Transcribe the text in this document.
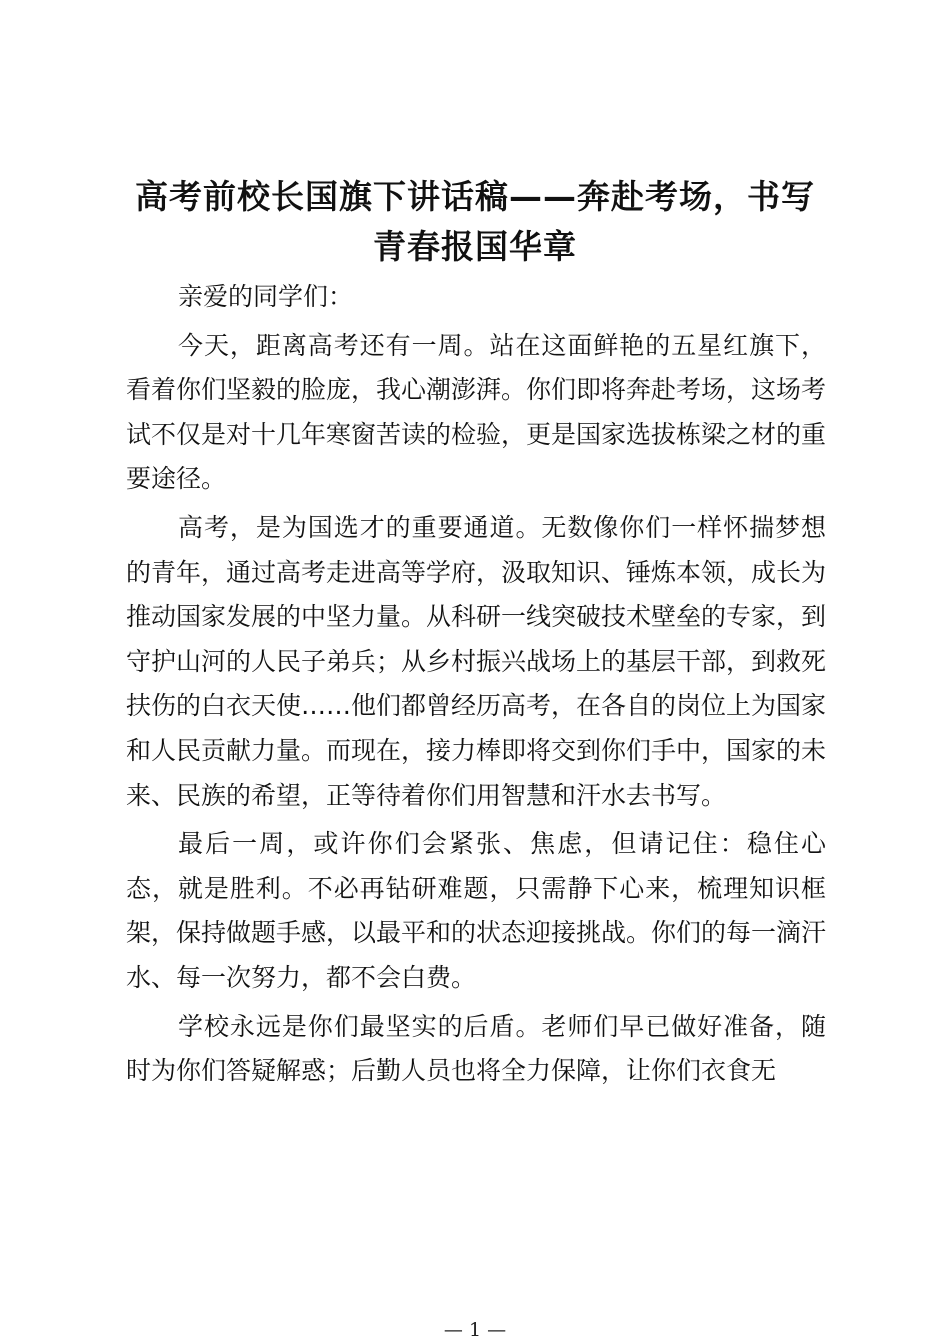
高考前校长国旗下讲话稿——奔赴考场，书写
青春报国华章

亲爱的同学们：

今天，距离高考还有一周。站在这面鲜艳的五星红旗下，看着你们坚毅的脸庞，我心潮澎湃。你们即将奔赴考场，这场考试不仅是对十几年寒窗苦读的检验，更是国家选拔栋梁之材的重要途径。

高考，是为国选才的重要通道。无数像你们一样怀揣梦想的青年，通过高考走进高等学府，汲取知识、锤炼本领，成长为推动国家发展的中坚力量。从科研一线突破技术壁垒的专家，到守护山河的人民子弟兵；从乡村振兴战场上的基层干部，到救死扶伤的白衣天使……他们都曾经历高考，在各自的岗位上为国家和人民贡献力量。而现在，接力棒即将交到你们手中，国家的未来、民族的希望，正等待着你们用智慧和汗水去书写。

最后一周，或许你们会紧张、焦虑，但请记住：稳住心态，就是胜利。不必再钻研难题，只需静下心来，梳理知识框架，保持做题手感，以最平和的状态迎接挑战。你们的每一滴汗水、每一次努力，都不会白费。

学校永远是你们最坚实的后盾。老师们早已做好准备，随时为你们答疑解惑；后勤人员也将全力保障，让你们衣食无

— 1 —
